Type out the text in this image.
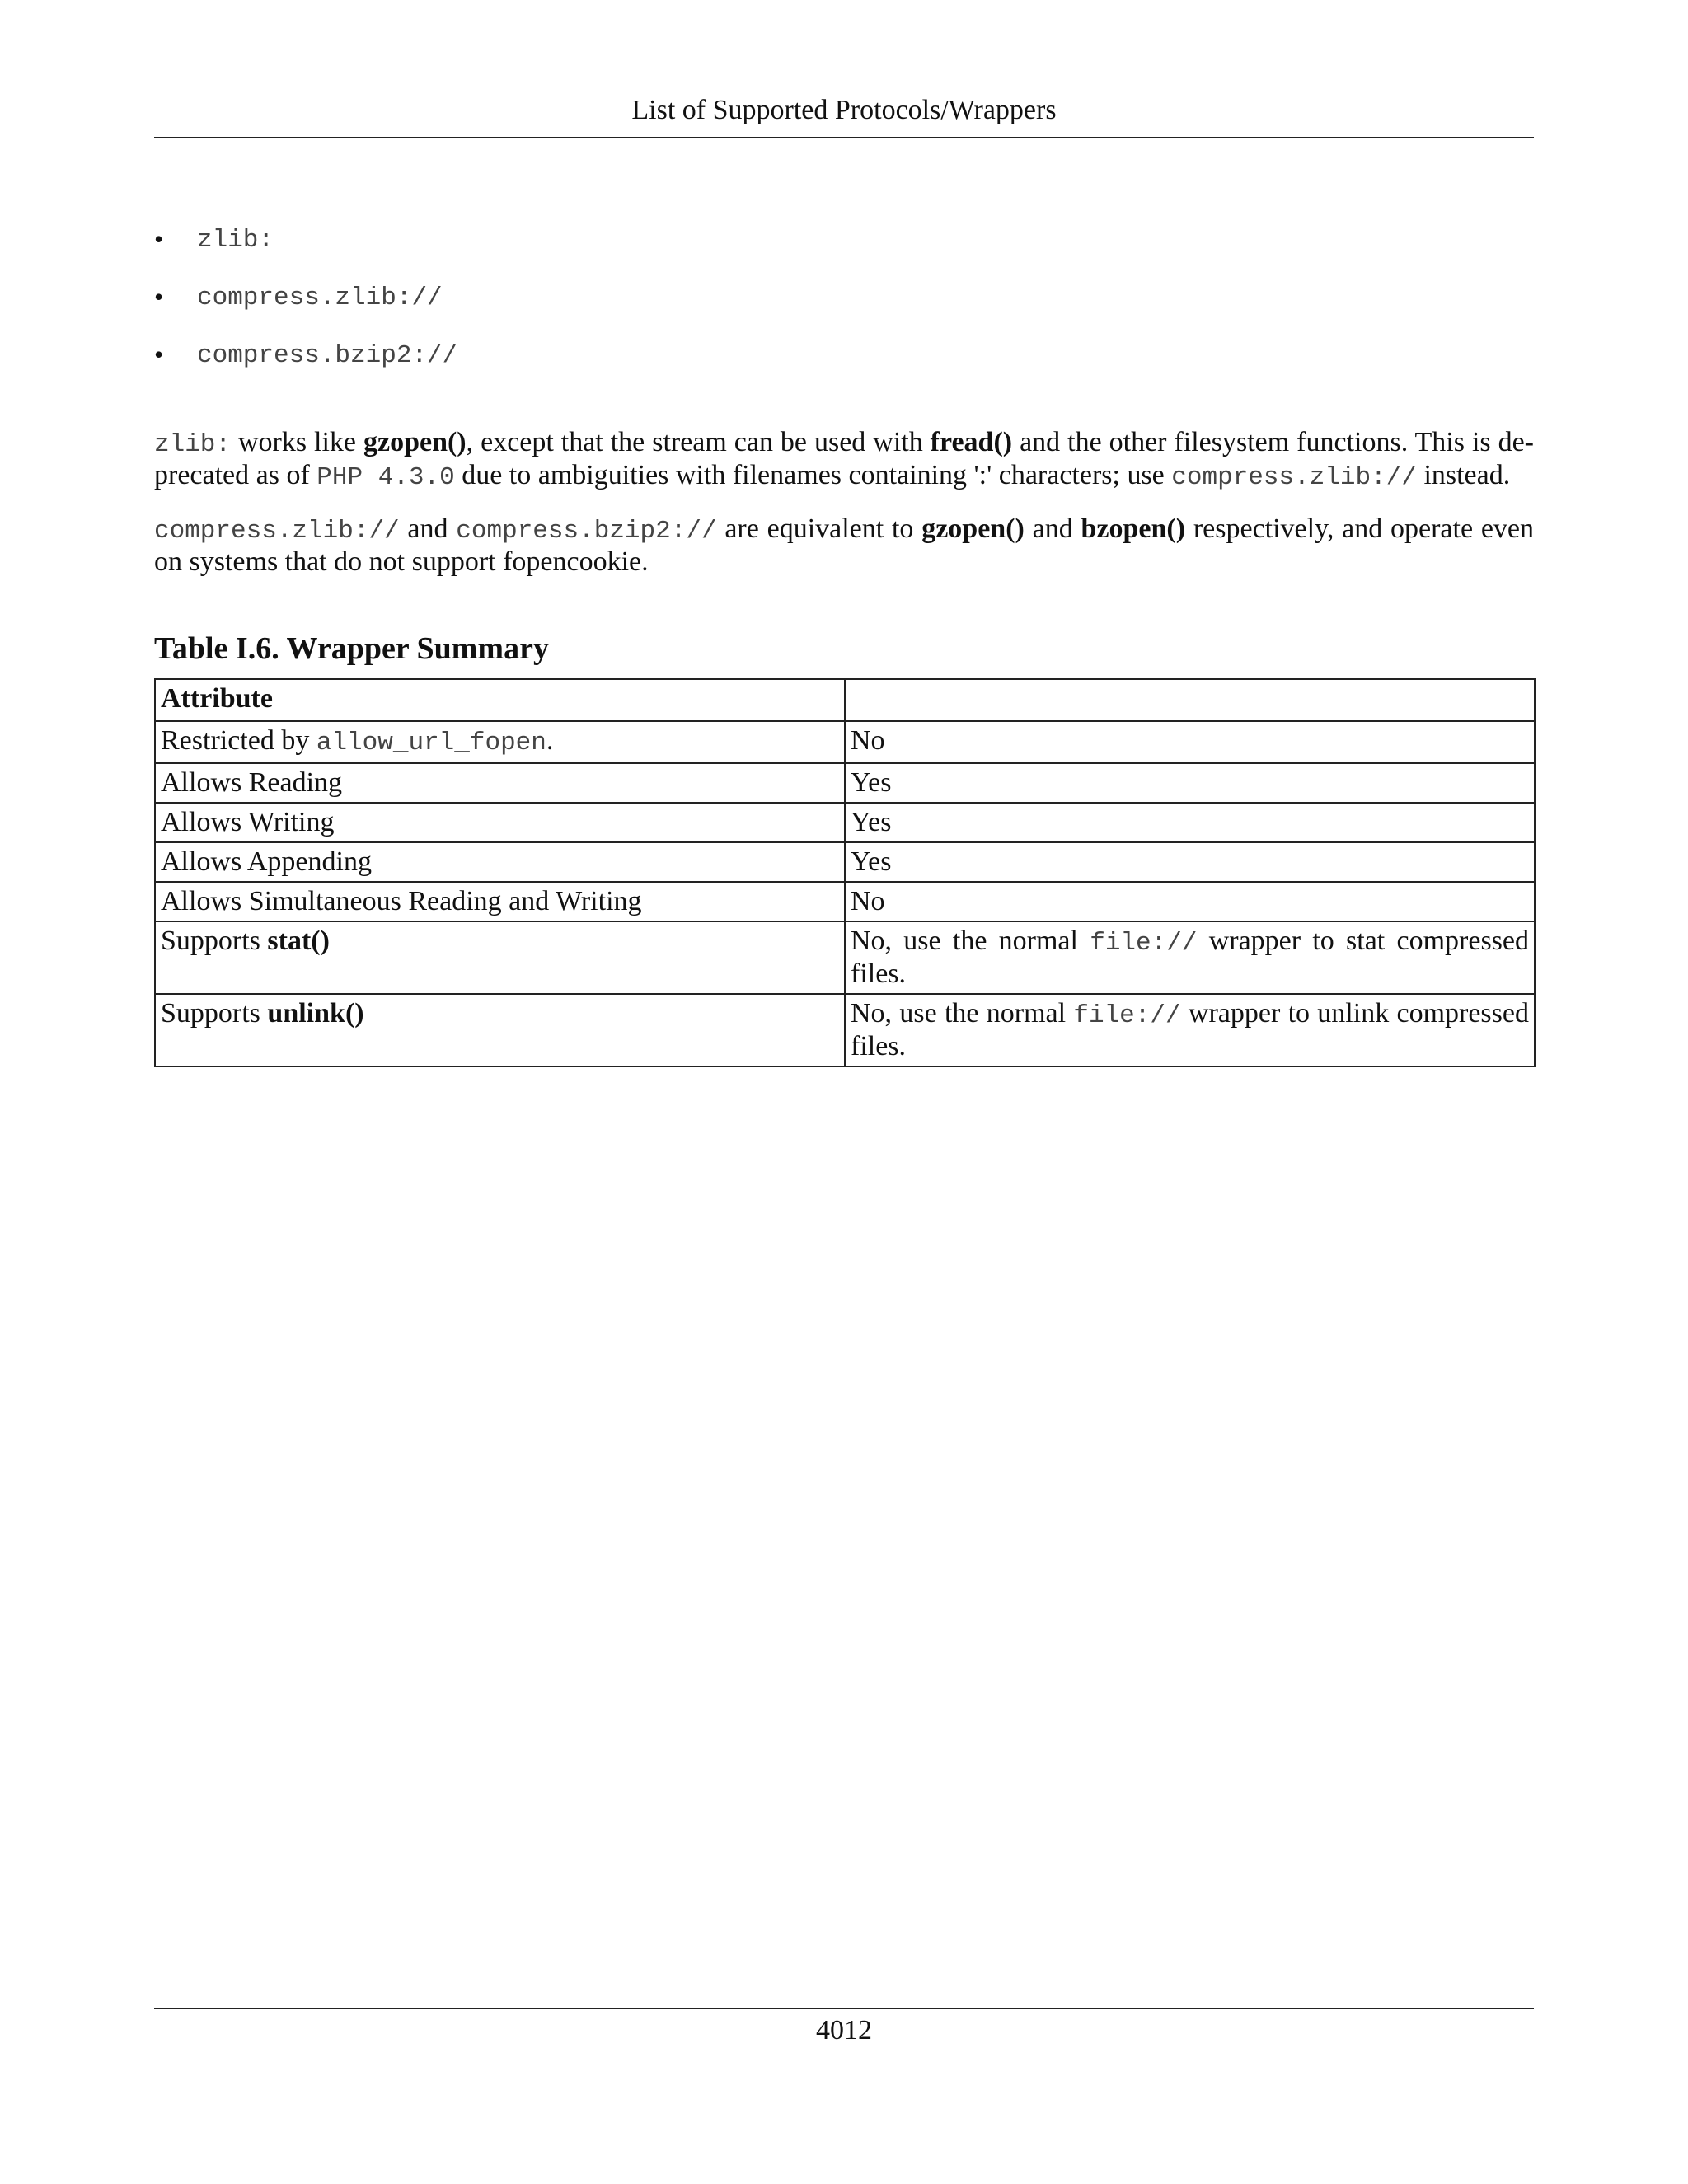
List of Supported Protocols/Wrappers
• zlib:
• compress.zlib://
• compress.bzip2://

zlib: works like gzopen(), except that the stream can be used with fread() and the other filesystem functions. This is de-precated as of PHP 4.3.0 due to ambiguities with filenames containing ':' characters; use compress.zlib:// instead.

compress.zlib:// and compress.bzip2:// are equivalent to gzopen() and bzopen() respectively, and operate even on systems that do not support fopencookie.

Table I.6. Wrapper Summary
Attribute	
Restricted by allow_url_fopen.	No
Allows Reading	Yes
Allows Writing	Yes
Allows Appending	Yes
Allows Simultaneous Reading and Writing	No
Supports stat()	No, use the normal file:// wrapper to stat compressed files.
Supports unlink()	No, use the normal file:// wrapper to unlink compressed files.
4012
